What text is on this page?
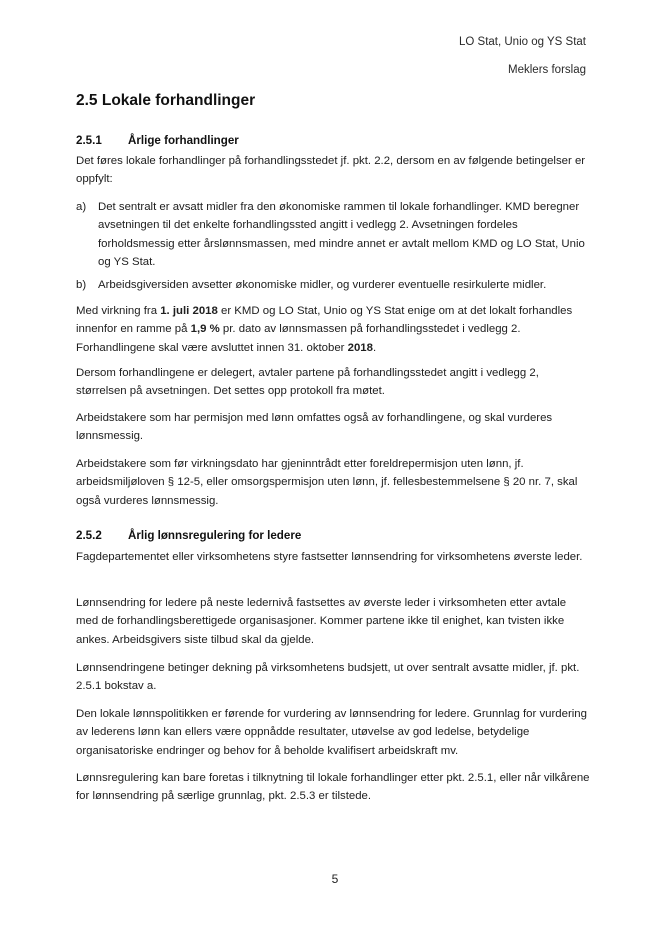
LO Stat, Unio og YS Stat
Meklers forslag
2.5 Lokale forhandlinger
2.5.1 Årlige forhandlinger
Det føres lokale forhandlinger på forhandlingsstedet jf. pkt. 2.2, dersom en av følgende betingelser er oppfylt:
a) Det sentralt er avsatt midler fra den økonomiske rammen til lokale forhandlinger. KMD beregner avsetningen til det enkelte forhandlingssted angitt i vedlegg 2. Avsetningen fordeles forholdsmessig etter årslønnsmassen, med mindre annet er avtalt mellom KMD og LO Stat, Unio og YS Stat.
b) Arbeidsgiversiden avsetter økonomiske midler, og vurderer eventuelle resirkulerte midler.
Med virkning fra 1. juli 2018 er KMD og LO Stat, Unio og YS Stat enige om at det lokalt forhandles innenfor en ramme på 1,9 % pr. dato av lønnsmassen på forhandlingsstedet i vedlegg 2. Forhandlingene skal være avsluttet innen 31. oktober 2018.
Dersom forhandlingene er delegert, avtaler partene på forhandlingsstedet angitt i vedlegg 2, størrelsen på avsetningen. Det settes opp protokoll fra møtet.
Arbeidstakere som har permisjon med lønn omfattes også av forhandlingene, og skal vurderes lønnsmessig.
Arbeidstakere som før virkningsdato har gjeninntrådt etter foreldrepermisjon uten lønn, jf. arbeidsmiljøloven § 12-5, eller omsorgspermisjon uten lønn, jf. fellesbestemmelsene § 20 nr. 7, skal også vurderes lønnsmessig.
2.5.2 Årlig lønnsregulering for ledere
Fagdepartementet eller virksomhetens styre fastsetter lønnsendring for virksomhetens øverste leder.
Lønnsendring for ledere på neste ledernivå fastsettes av øverste leder i virksomheten etter avtale med de forhandlingsberettigede organisasjoner. Kommer partene ikke til enighet, kan tvisten ikke ankes. Arbeidsgivers siste tilbud skal da gjelde.
Lønnsendringene betinger dekning på virksomhetens budsjett, ut over sentralt avsatte midler, jf. pkt. 2.5.1 bokstav a.
Den lokale lønnspolitikken er førende for vurdering av lønnsendring for ledere. Grunnlag for vurdering av lederens lønn kan ellers være oppnådde resultater, utøvelse av god ledelse, betydelige organisatoriske endringer og behov for å beholde kvalifisert arbeidskraft mv.
Lønnsregulering kan bare foretas i tilknytning til lokale forhandlinger etter pkt. 2.5.1, eller når vilkårene for lønnsendring på særlige grunnlag, pkt. 2.5.3 er tilstede.
5
